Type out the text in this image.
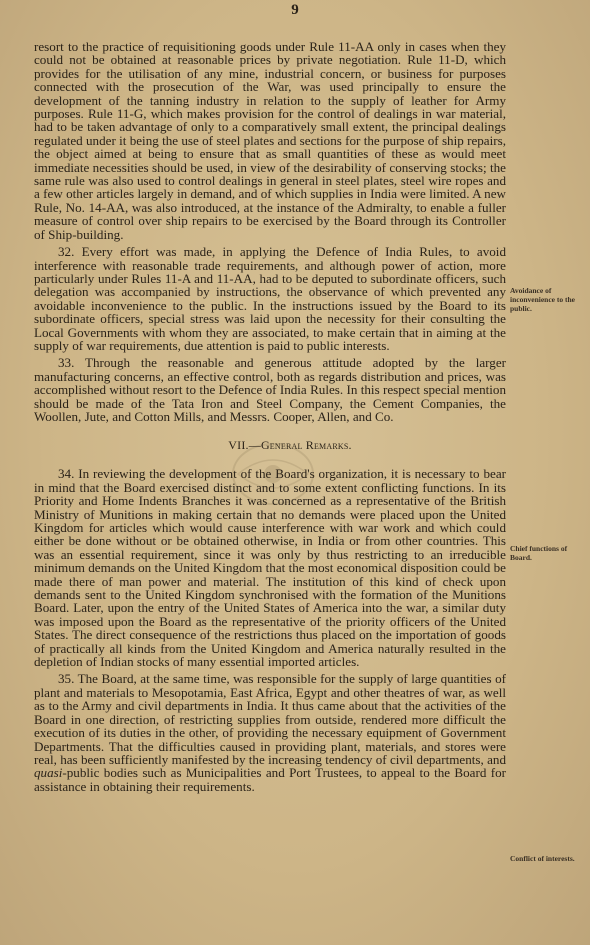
9

resort to the practice of requisitioning goods under Rule 11-AA only in cases when they could not be obtained at reasonable prices by private negotiation. Rule 11-D, which provides for the utilisation of any mine, industrial concern, or business for purposes connected with the prosecution of the War, was used principally to ensure the development of the tanning industry in relation to the supply of leather for Army purposes. Rule 11-G, which makes provision for the control of dealings in war material, had to be taken advantage of only to a comparatively small extent, the principal dealings regulated under it being the use of steel plates and sections for the purpose of ship repairs, the object aimed at being to ensure that as small quantities of these as would meet immediate necessities should be used, in view of the desirability of conserving stocks; the same rule was also used to control dealings in general in steel plates, steel wire ropes and a few other articles largely in demand, and of which supplies in India were limited. A new Rule, No. 14-AA, was also introduced, at the instance of the Admiralty, to enable a fuller measure of control over ship repairs to be exercised by the Board through its Controller of Ship-building.

32. Every effort was made, in applying the Defence of India Rules, to avoid interference with reasonable trade requirements, and although power of action, more particularly under Rules 11-A and 11-AA, had to be deputed to subordinate officers, such delegation was accompanied by instructions, the observance of which prevented any avoidable inconvenience to the public. In the instructions issued by the Board to its subordinate officers, special stress was laid upon the necessity for their consulting the Local Governments with whom they are associated, to make certain that in aiming at the supply of war requirements, due attention is paid to public interests.

33. Through the reasonable and generous attitude adopted by the larger manufacturing concerns, an effective control, both as regards distribution and prices, was accomplished without resort to the Defence of India Rules. In this respect special mention should be made of the Tata Iron and Steel Company, the Cement Companies, the Woollen, Jute, and Cotton Mills, and Messrs. Cooper, Allen, and Co.

VII.—General Remarks.

34. In reviewing the development of the Board's organization, it is necessary to bear in mind that the Board exercised distinct and to some extent conflicting functions. In its Priority and Home Indents Branches it was concerned as a representative of the British Ministry of Munitions in making certain that no demands were placed upon the United Kingdom for articles which would cause interference with war work and which could either be done without or be obtained otherwise, in India or from other countries. This was an essential requirement, since it was only by thus restricting to an irreducible minimum demands on the United Kingdom that the most economical disposition could be made there of man power and material. The institution of this kind of check upon demands sent to the United Kingdom synchronised with the formation of the Munitions Board. Later, upon the entry of the United States of America into the war, a similar duty was imposed upon the Board as the representative of the priority officers of the United States. The direct consequence of the restrictions thus placed on the importation of goods of practically all kinds from the United Kingdom and America naturally resulted in the depletion of Indian stocks of many essential imported articles.

35. The Board, at the same time, was responsible for the supply of large quantities of plant and materials to Mesopotamia, East Africa, Egypt and other theatres of war, as well as to the Army and civil departments in India. It thus came about that the activities of the Board in one direction, of restricting supplies from outside, rendered more difficult the execution of its duties in the other, of providing the necessary equipment of Government Departments. That the difficulties caused in providing plant, materials, and stores were real, has been sufficiently manifested by the increasing tendency of civil departments, and quasi-public bodies such as Municipalities and Port Trustees, to appeal to the Board for assistance in obtaining their requirements.

Avoidance of inconvenience to the public.
Chief functions of Board.
Conflict of interests.
